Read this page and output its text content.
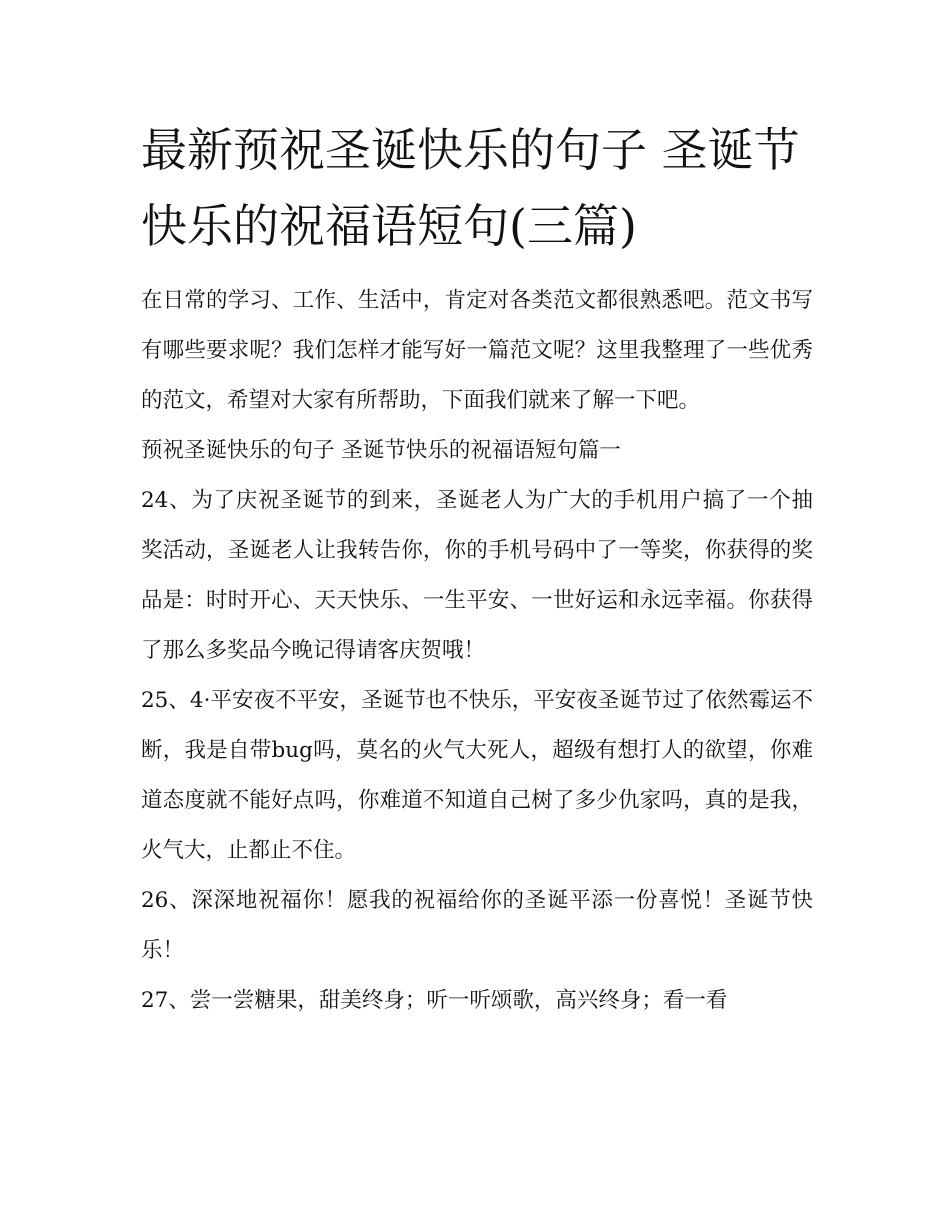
最新预祝圣诞快乐的句子 圣诞节快乐的祝福语短句(三篇)

在日常的学习、工作、生活中，肯定对各类范文都很熟悉吧。范文书写有哪些要求呢？我们怎样才能写好一篇范文呢？这里我整理了一些优秀的范文，希望对大家有所帮助，下面我们就来了解一下吧。

预祝圣诞快乐的句子 圣诞节快乐的祝福语短句篇一

24、为了庆祝圣诞节的到来，圣诞老人为广大的手机用户搞了一个抽奖活动，圣诞老人让我转告你，你的手机号码中了一等奖，你获得的奖品是：时时开心、天天快乐、一生平安、一世好运和永远幸福。你获得了那么多奖品今晚记得请客庆贺哦！

25、4·平安夜不平安，圣诞节也不快乐，平安夜圣诞节过了依然霉运不断，我是自带bug吗，莫名的火气大死人，超级有想打人的欲望，你难道态度就不能好点吗，你难道不知道自己树了多少仇家吗，真的是我，火气大，止都止不住。

26、深深地祝福你！愿我的祝福给你的圣诞平添一份喜悦！圣诞节快乐！

27、尝一尝糖果，甜美终身；听一听颂歌，高兴终身；看一看
